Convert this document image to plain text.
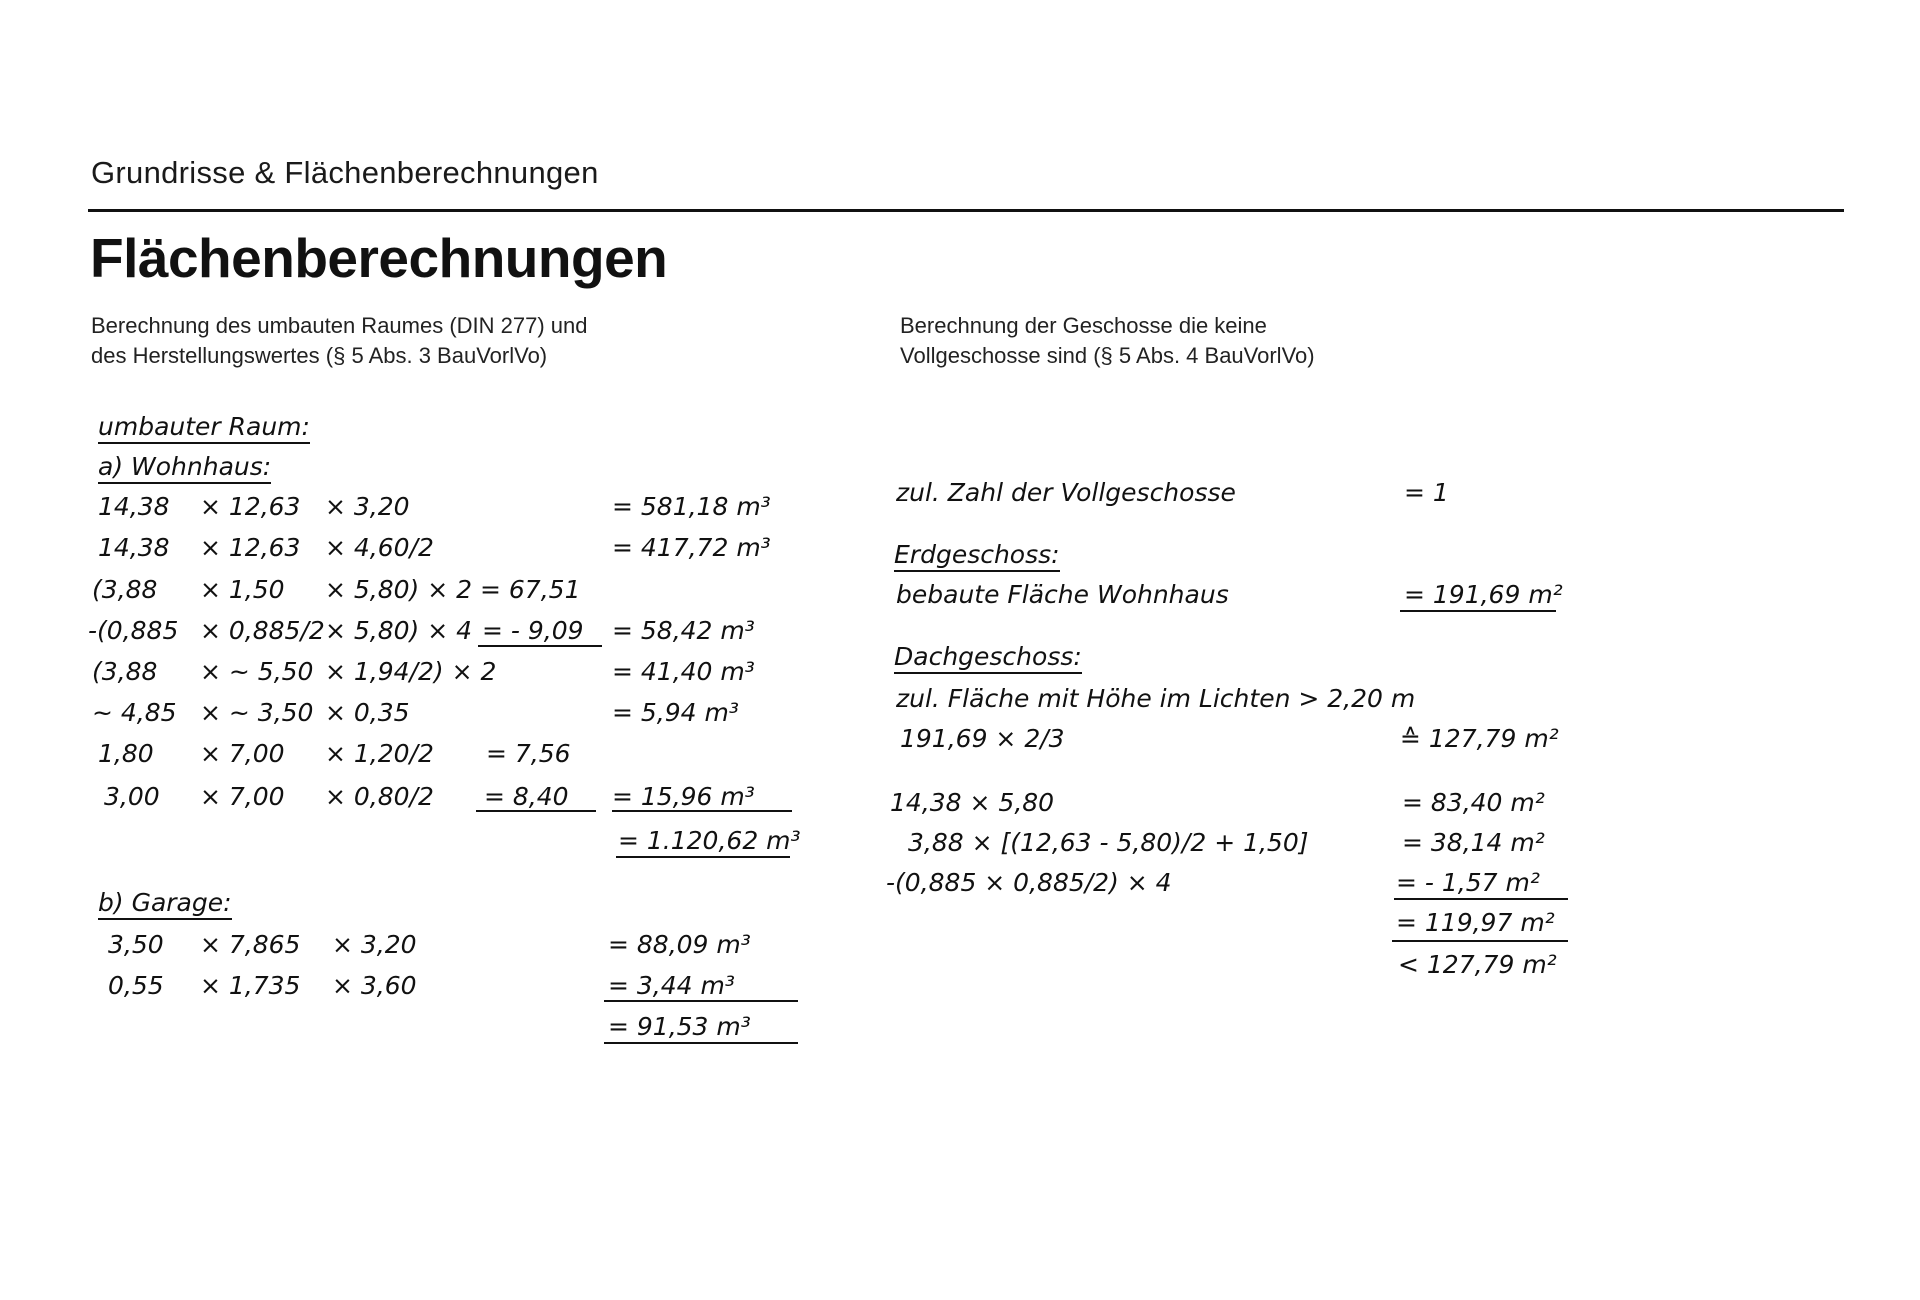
Grundrisse & Flächenberechnungen
Flächenberechnungen
Berechnung des umbauten Raumes (DIN 277) und
des Herstellungswertes (§ 5 Abs. 3 BauVorlVo)
Berechnung der Geschosse die keine
Vollgeschosse sind (§ 5 Abs. 4 BauVorlVo)
umbauter Raum:
a) Wohnhaus:
14,38 × 12,63 × 3,20	= 581,18 m³
14,38 × 12,63 × 4,60/2	= 417,72 m³
(3,88 × 1,50 × 5,80) × 2 = 67,51
-(0,885 × 0,885/2 × 5,80) × 4 = - 9,09 = 58,42 m³
(3,88 × ~ 5,50 × 1,94/2) × 2	= 41,40 m³
~ 4,85 × ~ 3,50 × 0,35	= 5,94 m³
1,80 × 7,00 × 1,20/2 = 7,56
3,00 × 7,00 × 0,80/2 = 8,40 = 15,96 m³
= 1.120,62 m³
b) Garage:
3,50 × 7,865 × 3,20	= 88,09 m³
0,55 × 1,735 × 3,60	= 3,44 m³
= 91,53 m³
zul. Zahl der Vollgeschosse	= 1
Erdgeschoss:
bebaute Fläche Wohnhaus	= 191,69 m²
Dachgeschoss:
zul. Fläche mit Höhe im Lichten > 2,20 m
191,69 × 2/3	≙ 127,79 m²
14,38 × 5,80	= 83,40 m²
3,88 × [(12,63 - 5,80)/2 + 1,50]	= 38,14 m²
-(0,885 × 0,885/2) × 4	= - 1,57 m²
= 119,97 m²
< 127,79 m²
